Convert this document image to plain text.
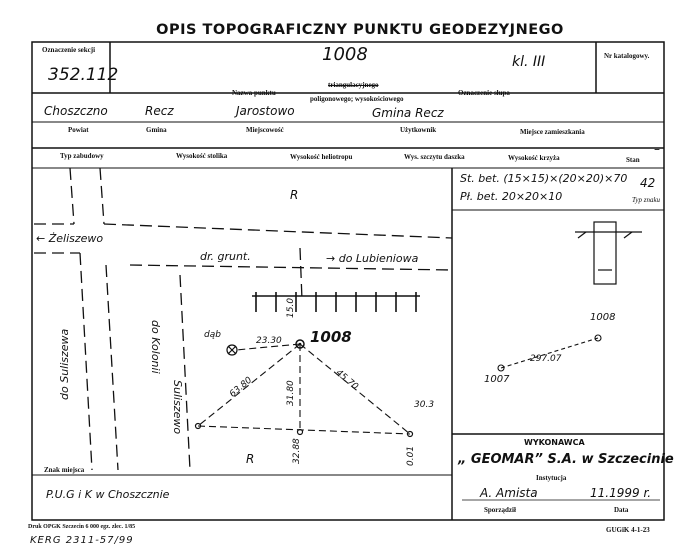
OPIS TOPOGRAFICZNY PUNKTU GEODEZYJNEGO
Oznaczenie sekcji
352.112
1008	kl. III	Nr katalogowy.
Nazwa punktu
triangulacyjnego
poligonowego; wysokościowego
Oznaczenie słupa
Choszczno	Recz	Jarostowo	Gmina Recz
Powiat	Gmina	Miejscowość	Użytkownik	Miejsce zamieszkania
Typ zabudowy	Wysokość stolika	Wysokość heliotropu	Wys. szczytu daszka	Wysokość krzyża	Stan
–
St. bet. (15×15)×(20×20)×70
Pł. bet. 20×20×10
42
Typ znaku
R
R
← Żeliszewo
dr. grunt.	→ do Lubieniowa
do Suliszewa	do Kolonii
Suliszewo
1008
dąb
23.30
63.80	31.80
45.70
32.88	0.01
30.3
15.0	1008
1007
297.07
WYKONAWCA
„ GEOMAR” S.A. w Szczecinie
Instytucja
A. Amista	11.1999 r.
Sporządził	Data
Znak miejsca
P.U.G i K w Choszcznie
Druk OPGK Szczecin 6 000 egz. zlec. 1/85
KERG 2311-57/99
GUGiK 4-1-23
